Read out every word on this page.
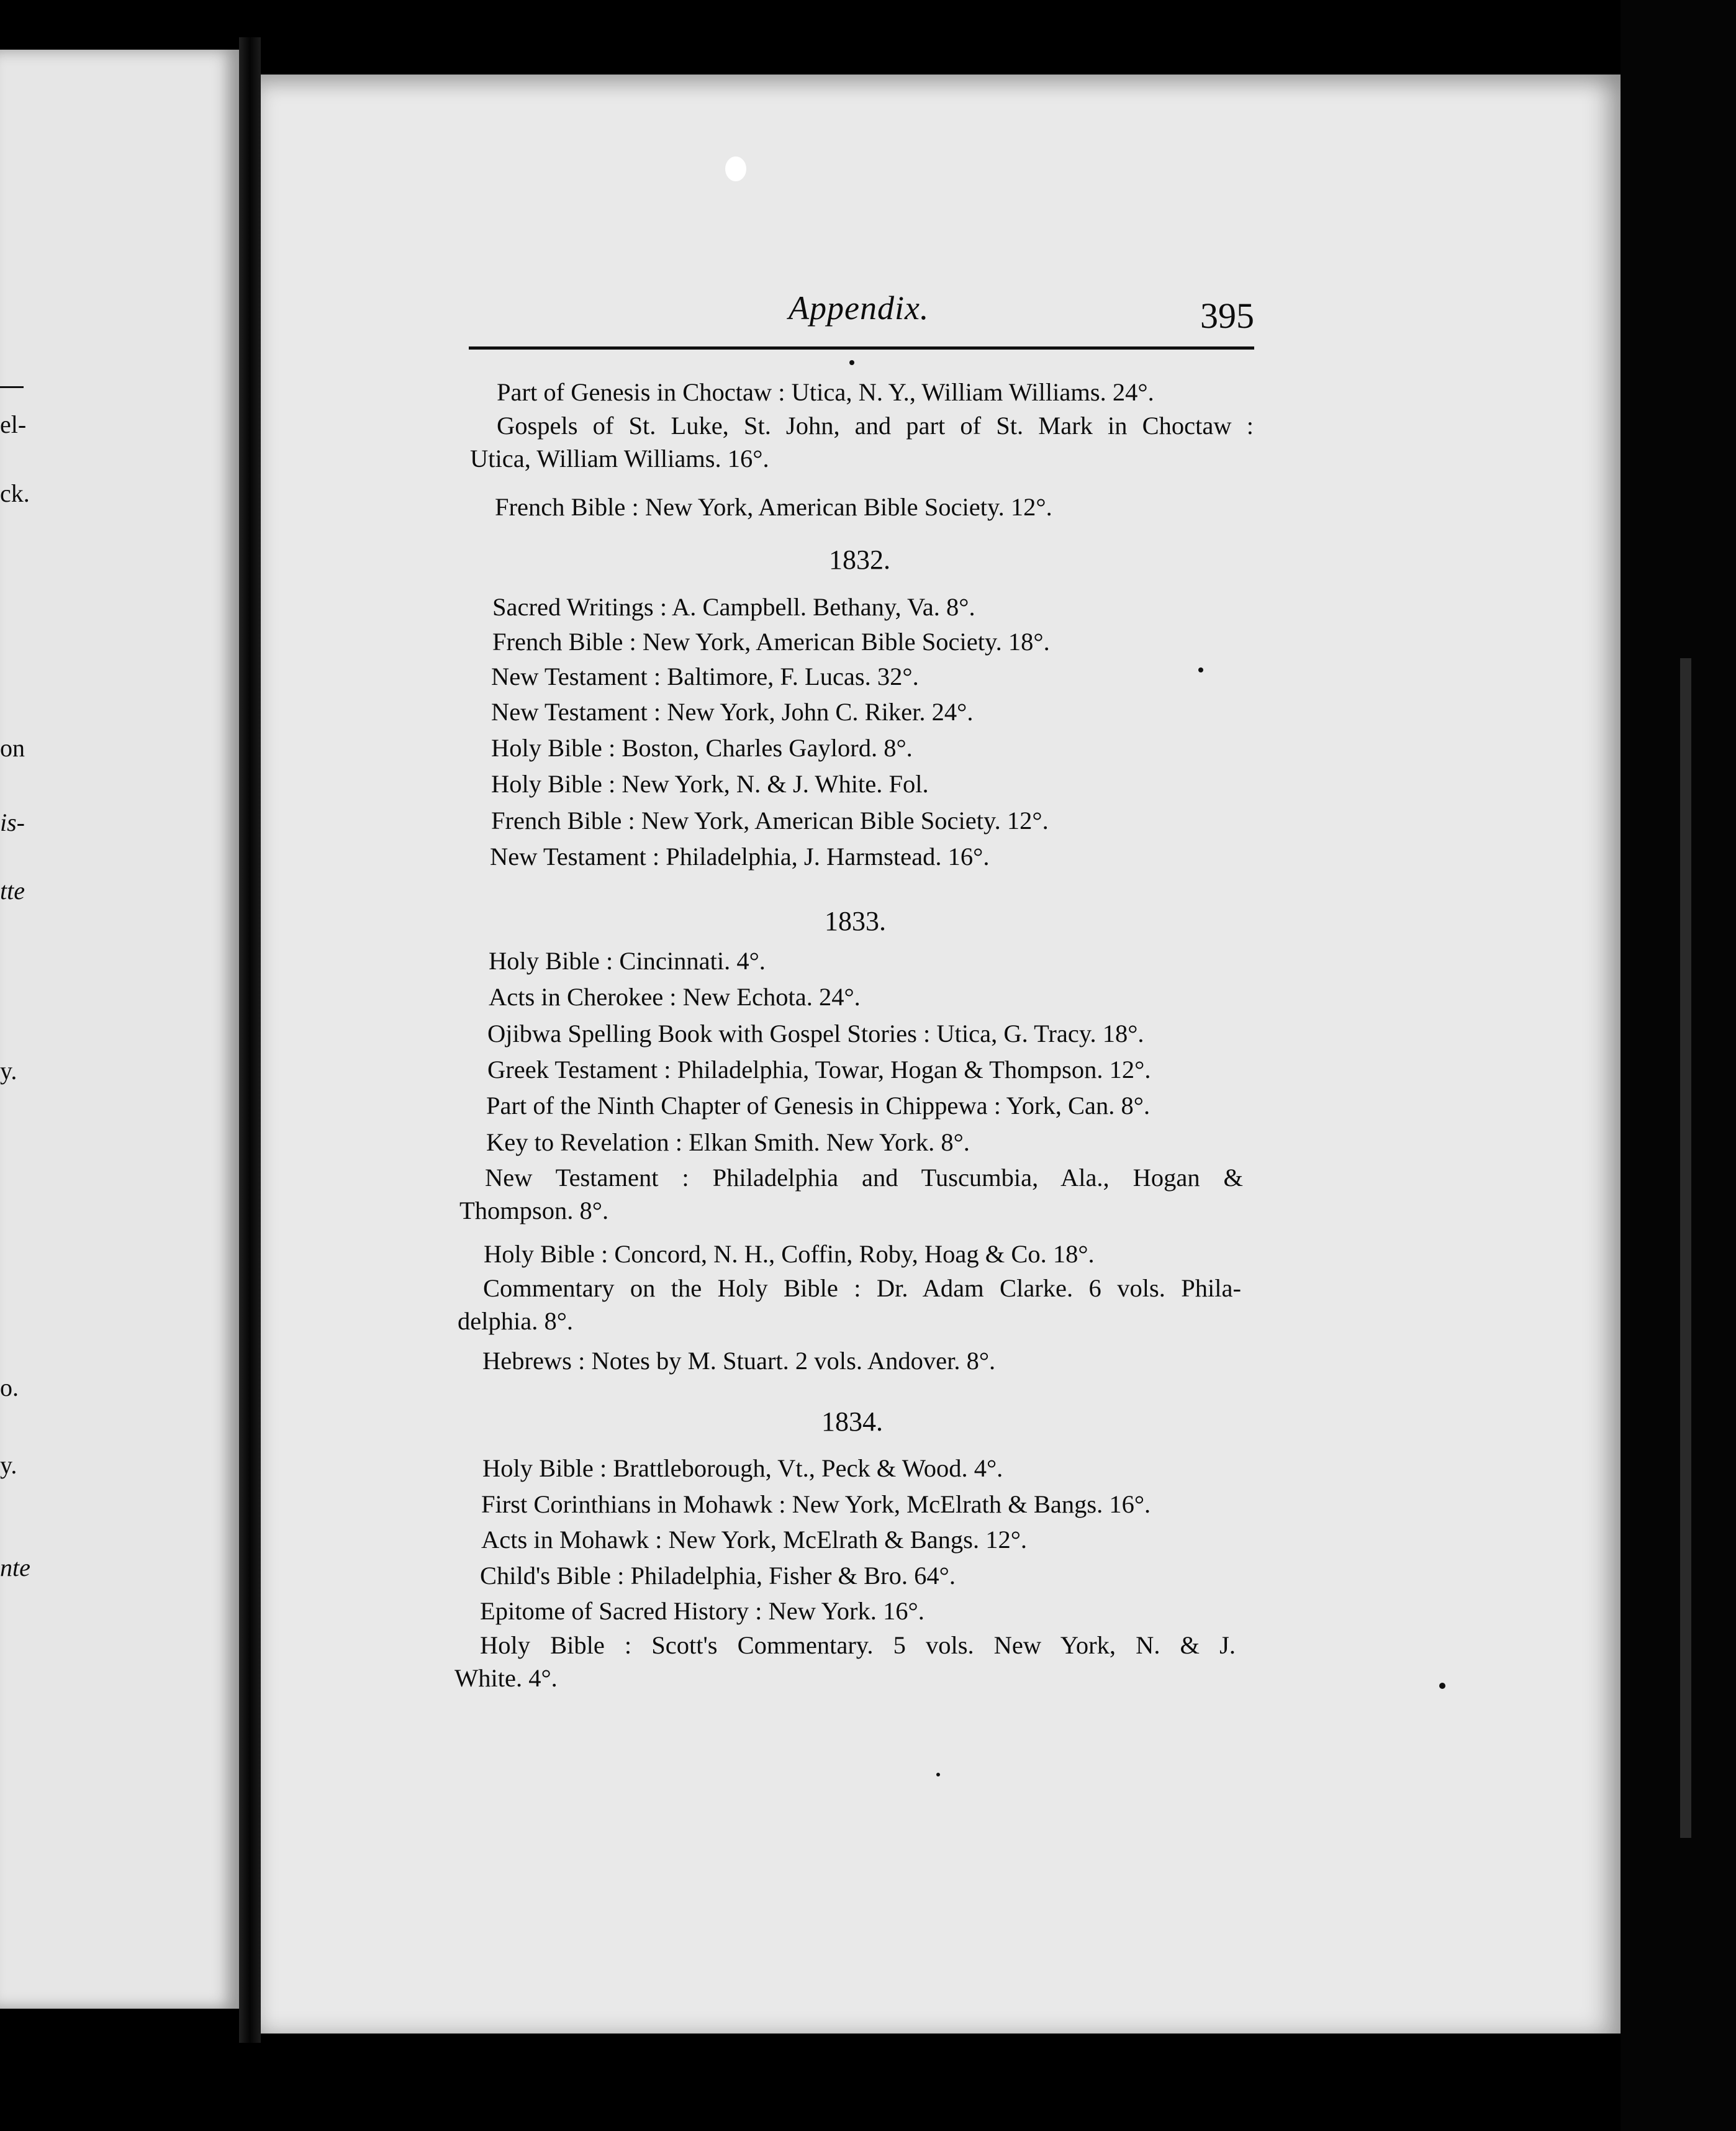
el-
ck.
on
is-
tte
y.
o.
y.
nte
Appendix.	395
Part of Genesis in Choctaw : Utica, N. Y., William Williams. 24°.
Gospels of St. Luke, St. John, and part of St. Mark in Choctaw :
Utica, William Williams. 16°.
French Bible : New York, American Bible Society. 12°.
1832.
Sacred Writings : A. Campbell. Bethany, Va. 8°.
French Bible : New York, American Bible Society. 18°.
New Testament : Baltimore, F. Lucas. 32°.
New Testament : New York, John C. Riker. 24°.
Holy Bible : Boston, Charles Gaylord. 8°.
Holy Bible : New York, N. & J. White. Fol.
French Bible : New York, American Bible Society. 12°.
New Testament : Philadelphia, J. Harmstead. 16°.
1833.
Holy Bible : Cincinnati. 4°.
Acts in Cherokee : New Echota. 24°.
Ojibwa Spelling Book with Gospel Stories : Utica, G. Tracy. 18°.
Greek Testament : Philadelphia, Towar, Hogan & Thompson. 12°.
Part of the Ninth Chapter of Genesis in Chippewa : York, Can. 8°.
Key to Revelation : Elkan Smith. New York. 8°.
New Testament : Philadelphia and Tuscumbia, Ala., Hogan &
Thompson. 8°.
Holy Bible : Concord, N. H., Coffin, Roby, Hoag & Co. 18°.
Commentary on the Holy Bible : Dr. Adam Clarke. 6 vols. Phila-
delphia. 8°.
Hebrews : Notes by M. Stuart. 2 vols. Andover. 8°.
1834.
Holy Bible : Brattleborough, Vt., Peck & Wood. 4°.
First Corinthians in Mohawk : New York, McElrath & Bangs. 16°.
Acts in Mohawk : New York, McElrath & Bangs. 12°.
Child's Bible : Philadelphia, Fisher & Bro. 64°.
Epitome of Sacred History : New York. 16°.
Holy Bible : Scott's Commentary. 5 vols. New York, N. & J.
White. 4°.
